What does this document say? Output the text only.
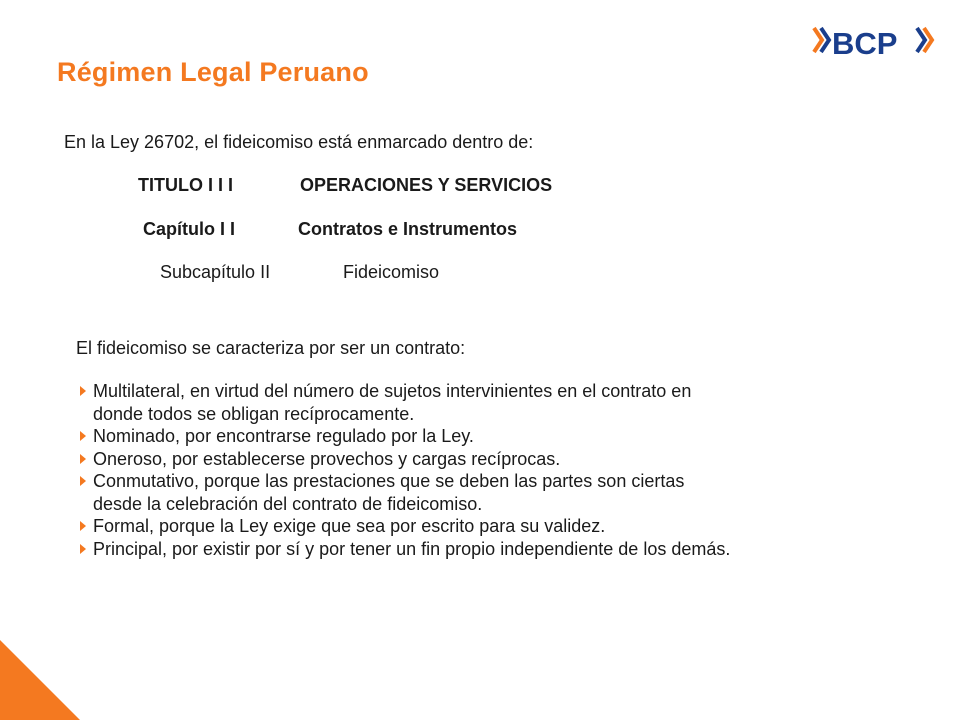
Régimen Legal Peruano
BCP
En la Ley 26702, el fideicomiso está enmarcado dentro de:
TITULO I I I	OPERACIONES Y SERVICIOS
Capítulo I I	Contratos e Instrumentos
Subcapítulo II	Fideicomiso
El fideicomiso se caracteriza por ser un contrato:
Multilateral, en virtud del número de sujetos intervinientes en el contrato en
donde todos se obligan recíprocamente.
Nominado, por encontrarse regulado por la Ley.
Oneroso, por establecerse provechos y cargas recíprocas.
Conmutativo, porque las prestaciones que se deben las partes son ciertas
desde la celebración del contrato de fideicomiso.
Formal, porque la Ley exige que sea por escrito para su validez.
Principal, por existir por sí y por tener un fin propio independiente de los demás.
